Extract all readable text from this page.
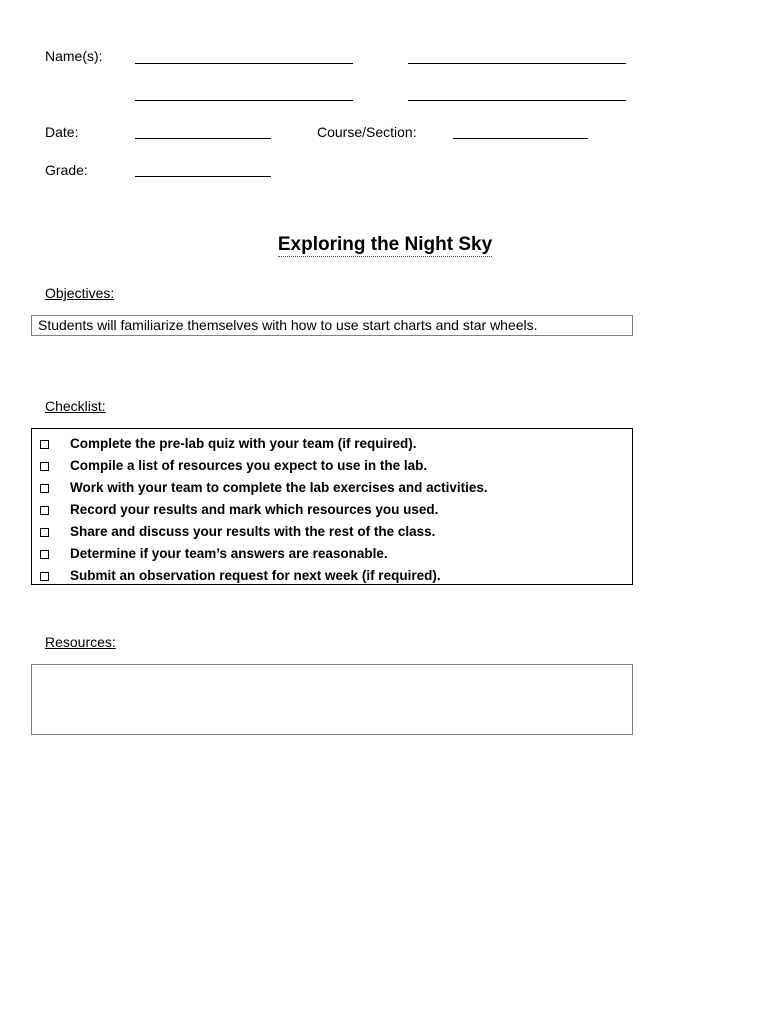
Name(s):
Date:	Course/Section:
Grade:
Exploring the Night Sky
Objectives:
Students will familiarize themselves with how to use start charts and star wheels.
Checklist:
Complete the pre-lab quiz with your team (if required).
Compile a list of resources you expect to use in the lab.
Work with your team to complete the lab exercises and activities.
Record your results and mark which resources you used.
Share and discuss your results with the rest of the class.
Determine if your team’s answers are reasonable.
Submit an observation request for next week (if required).
Resources:
